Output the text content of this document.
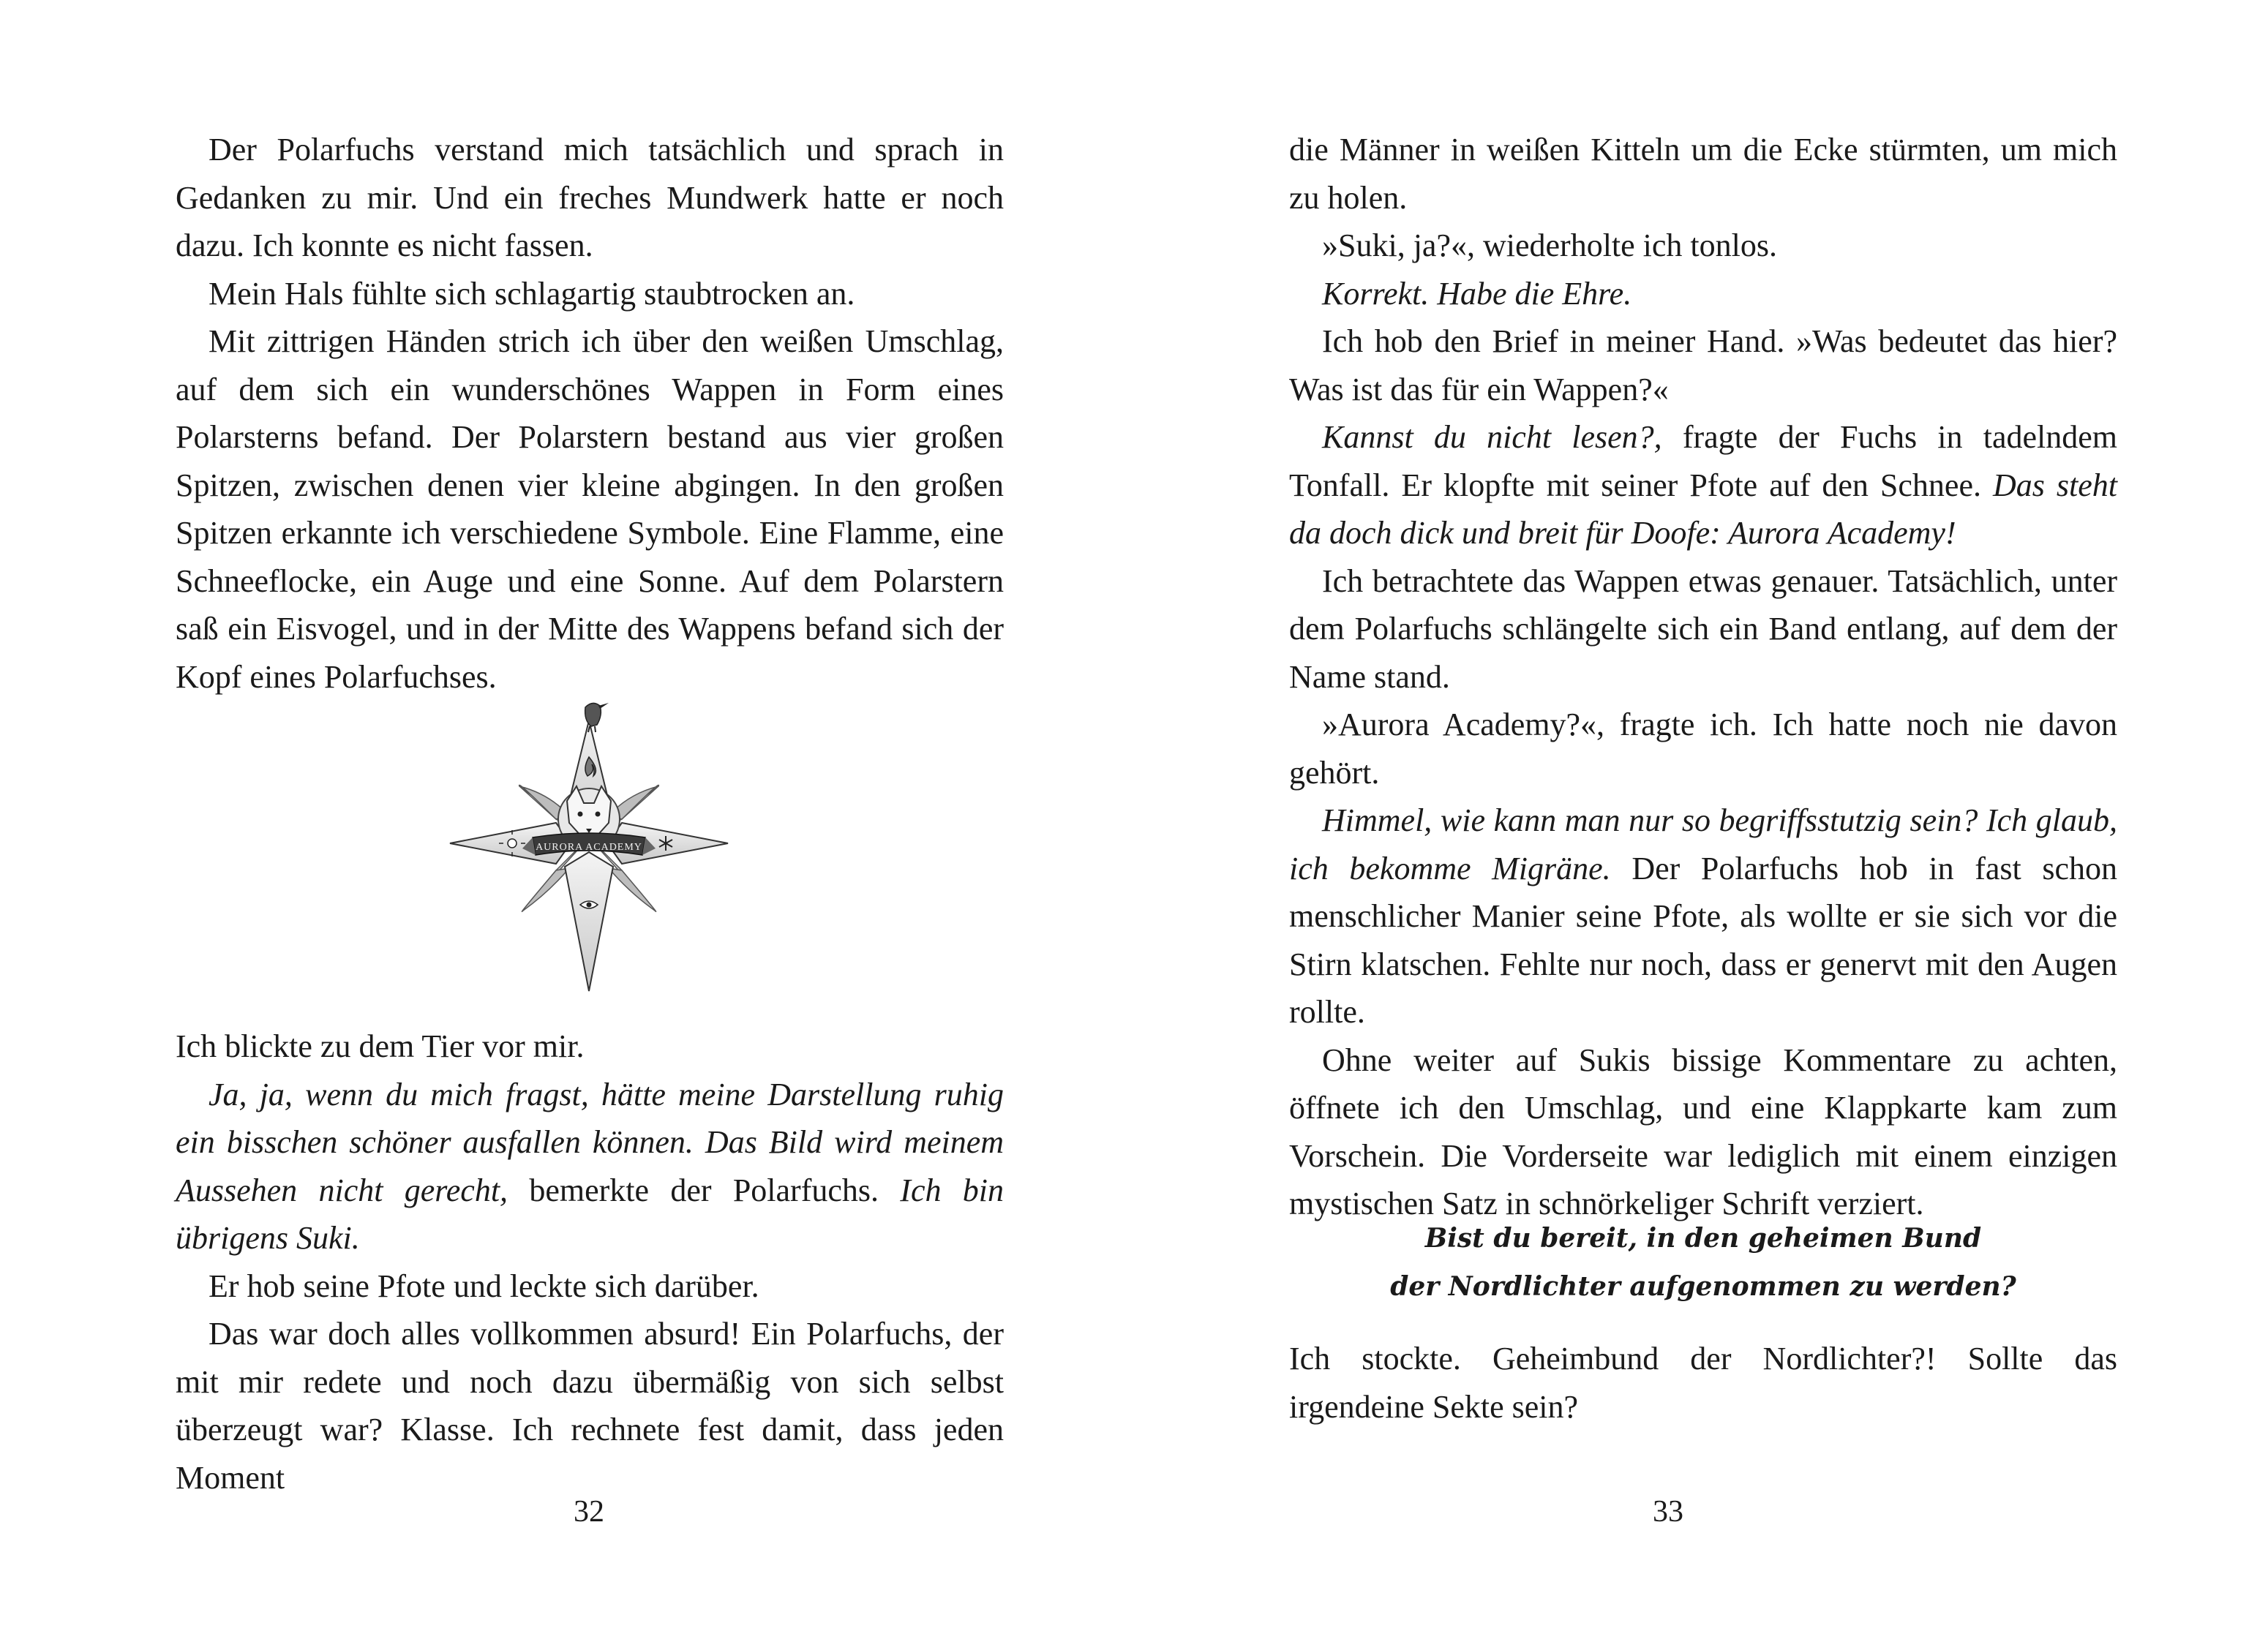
Der Polarfuchs verstand mich tatsächlich und sprach in Gedanken zu mir. Und ein freches Mundwerk hatte er noch dazu. Ich konnte es nicht fassen.

Mein Hals fühlte sich schlagartig staubtrocken an.

Mit zittrigen Händen strich ich über den weißen Umschlag, auf dem sich ein wunderschönes Wappen in Form eines Polarsterns befand. Der Polarstern bestand aus vier großen Spitzen, zwischen denen vier kleine abgingen. In den großen Spitzen erkannte ich verschiedene Symbole. Eine Flamme, eine Schneeflocke, ein Auge und eine Sonne. Auf dem Polarstern saß ein Eisvogel, und in der Mitte des Wappens befand sich der Kopf eines Polarfuchses.

AURORA ACADEMY

Ich blickte zu dem Tier vor mir.

Ja, ja, wenn du mich fragst, hätte meine Darstellung ruhig ein bisschen schöner ausfallen können. Das Bild wird meinem Aussehen nicht gerecht, bemerkte der Polarfuchs. Ich bin übrigens Suki.

Er hob seine Pfote und leckte sich darüber.

Das war doch alles vollkommen absurd! Ein Polarfuchs, der mit mir redete und noch dazu übermäßig von sich selbst überzeugt war? Klasse. Ich rechnete fest damit, dass jeden Moment

32

die Männer in weißen Kitteln um die Ecke stürmten, um mich zu holen.

»Suki, ja?«, wiederholte ich tonlos.

Korrekt. Habe die Ehre.

Ich hob den Brief in meiner Hand. »Was bedeutet das hier? Was ist das für ein Wappen?«

Kannst du nicht lesen?, fragte der Fuchs in tadelndem Tonfall. Er klopfte mit seiner Pfote auf den Schnee. Das steht da doch dick und breit für Doofe: Aurora Academy!

Ich betrachtete das Wappen etwas genauer. Tatsächlich, unter dem Polarfuchs schlängelte sich ein Band entlang, auf dem der Name stand.

»Aurora Academy?«, fragte ich. Ich hatte noch nie davon gehört.

Himmel, wie kann man nur so begriffsstutzig sein? Ich glaub, ich bekomme Migräne. Der Polarfuchs hob in fast schon menschlicher Manier seine Pfote, als wollte er sie sich vor die Stirn klatschen. Fehlte nur noch, dass er genervt mit den Augen rollte.

Ohne weiter auf Sukis bissige Kommentare zu achten, öffnete ich den Umschlag, und eine Klappkarte kam zum Vorschein. Die Vorderseite war lediglich mit einem einzigen mystischen Satz in schnörkeliger Schrift verziert.

Bist du bereit, in den geheimen Bund
der Nordlichter aufgenommen zu werden?

Ich stockte. Geheimbund der Nordlichter?! Sollte das irgendeine Sekte sein?

33
